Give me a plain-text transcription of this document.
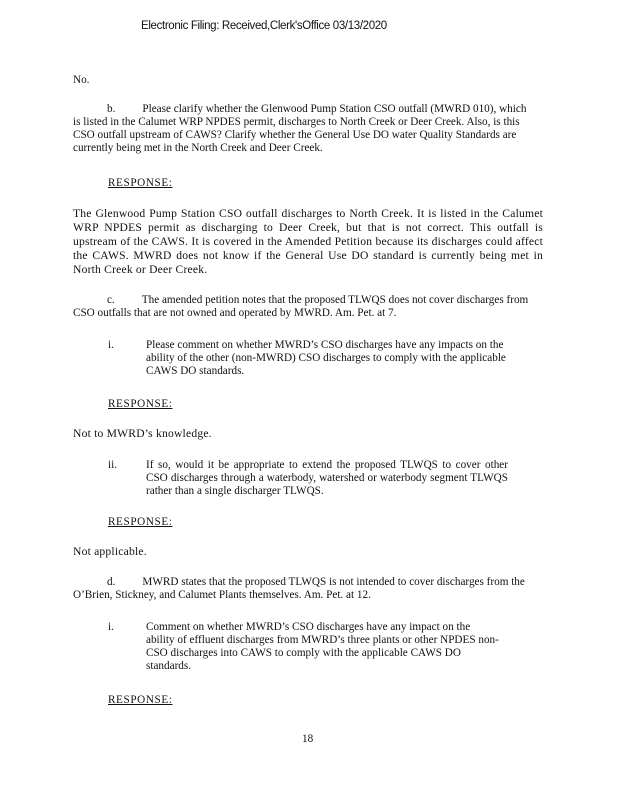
Electronic Filing: Received,Clerk'sOffice 03/13/2020

No.

b. Please clarify whether the Glenwood Pump Station CSO outfall (MWRD 010), which is listed in the Calumet WRP NPDES permit, discharges to North Creek or Deer Creek. Also, is this CSO outfall upstream of CAWS? Clarify whether the General Use DO water Quality Standards are currently being met in the North Creek and Deer Creek.

RESPONSE:

The Glenwood Pump Station CSO outfall discharges to North Creek. It is listed in the Calumet WRP NPDES permit as discharging to Deer Creek, but that is not correct. This outfall is upstream of the CAWS. It is covered in the Amended Petition because its discharges could affect the CAWS. MWRD does not know if the General Use DO standard is currently being met in North Creek or Deer Creek.

c. The amended petition notes that the proposed TLWQS does not cover discharges from CSO outfalls that are not owned and operated by MWRD. Am. Pet. at 7.
i.	Please comment on whether MWRD’s CSO discharges have any impacts on the ability of the other (non-MWRD) CSO discharges to comply with the applicable CAWS DO standards.

RESPONSE:

Not to MWRD’s knowledge.

ii.	If so, would it be appropriate to extend the proposed TLWQS to cover other CSO discharges through a waterbody, watershed or waterbody segment TLWQS rather than a single discharger TLWQS.

RESPONSE:

Not applicable.

d. MWRD states that the proposed TLWQS is not intended to cover discharges from the O’Brien, Stickney, and Calumet Plants themselves. Am. Pet. at 12.
i.	Comment on whether MWRD’s CSO discharges have any impact on the ability of effluent discharges from MWRD’s three plants or other NPDES non-CSO discharges into CAWS to comply with the applicable CAWS DO standards.

RESPONSE:

18
